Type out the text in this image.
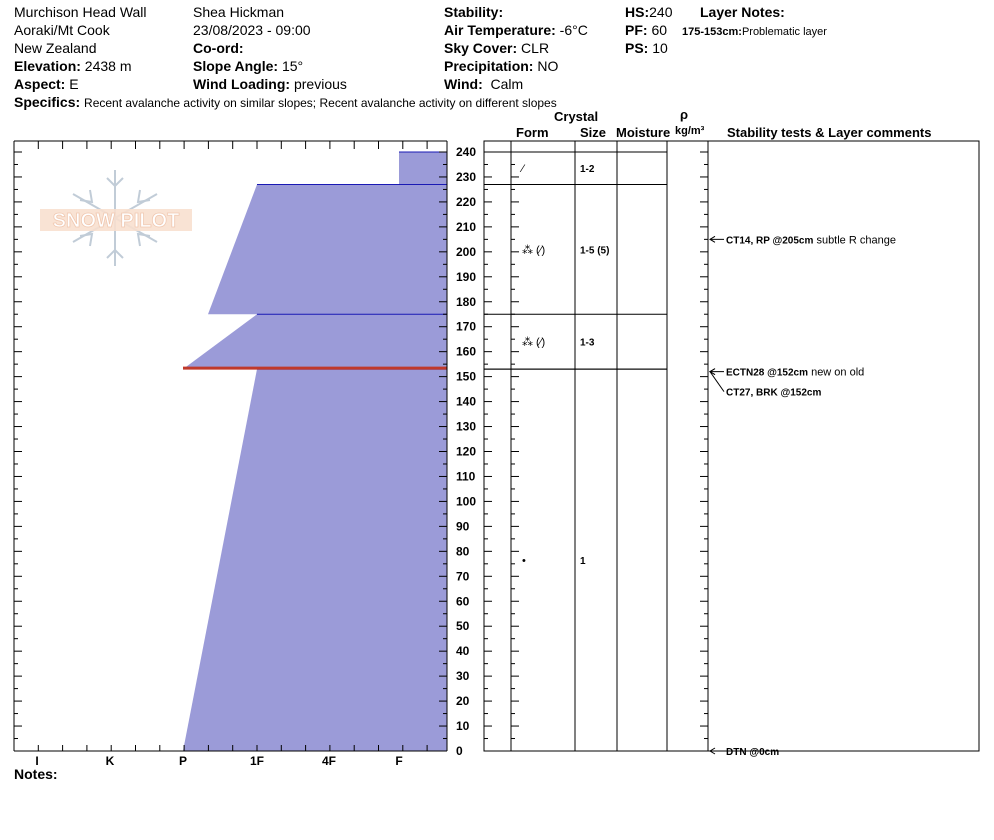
Murchison Head Wall
Aoraki/Mt Cook
New Zealand
Elevation: 2438 m
Aspect: E
Shea Hickman
23/08/2023 - 09:00
Co-ord:
Slope Angle: 15°
Wind Loading: previous
Stability:
Air Temperature: -6°C
Sky Cover: CLR
Precipitation: NO
Wind: Calm
HS:240
PF: 60
PS: 10
Layer Notes:
175-153cm:Problematic layer
Specifics: Recent avalanche activity on similar slopes; Recent avalanche activity on different slopes
Notes:
Crystal
Form Size Moisture
ρ
kg/m³ Stability tests & Layer comments
SNOW PILOT
I	K	P	1F	4F	F
0
10
20
30
40
50
60
70
80
90
100
110
120
130
140
150
160
170
180
190
200
210
220
230
240
⁄	1-2
⁂ (⁄)	1-5 (5)
⁂ (⁄)	1-3
•	1
CT14, RP @205cm subtle R change
ECTN28 @152cm new on old
CT27, BRK @152cm
DTN @0cm
